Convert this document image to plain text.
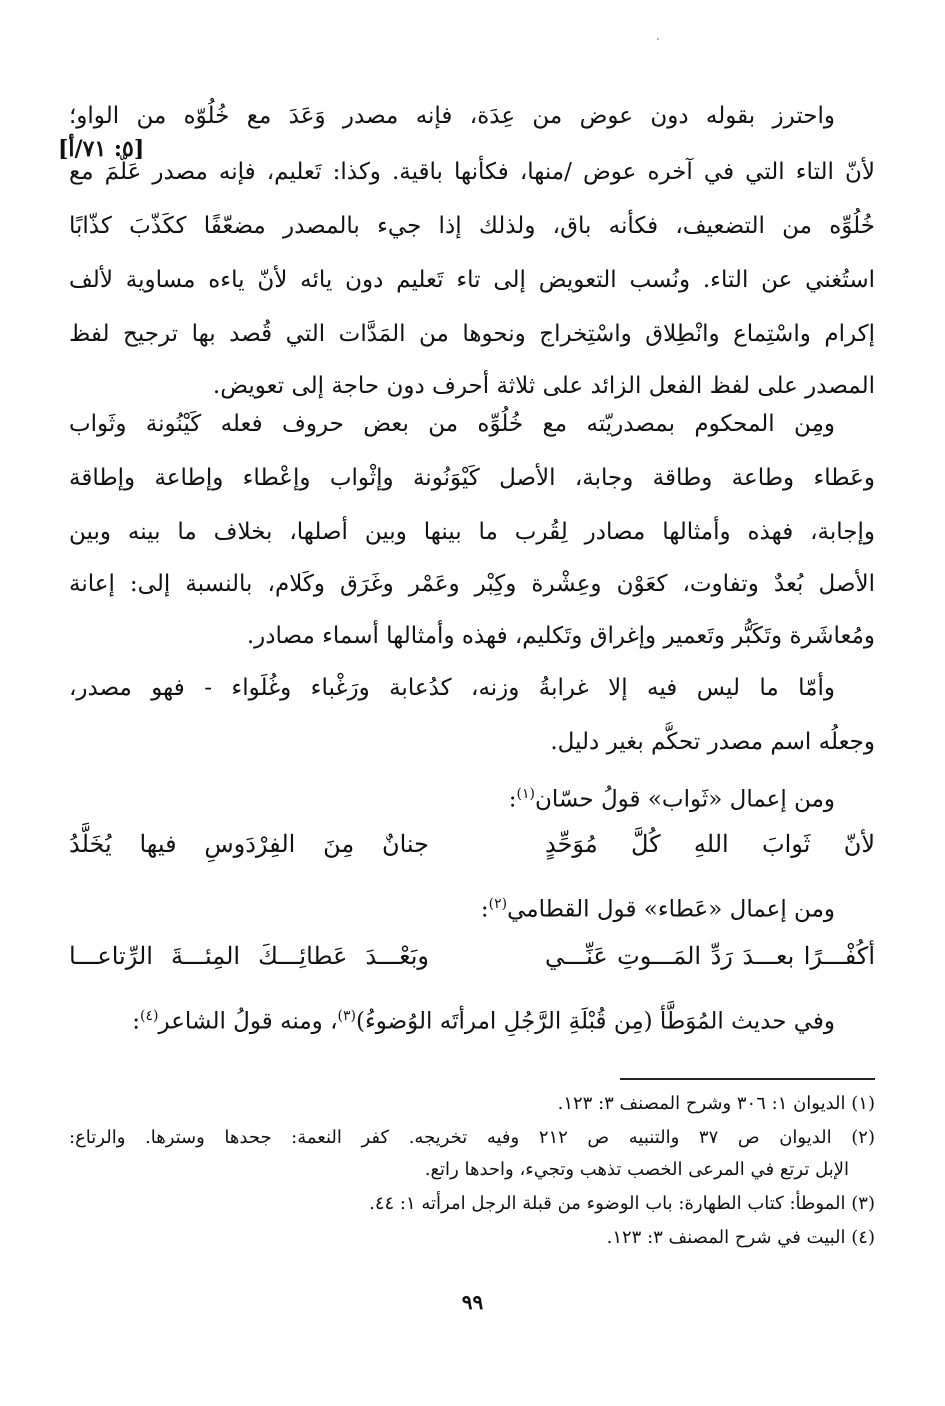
[٥: ٧١/أ]
واحترز بقوله دون عوض من عِدَة، فإنه مصدر وَعَدَ مع خُلُوّه من الواو؛
لأنّ التاء التي في آخره عوض /منها، فكأنها باقية. وكذا: تَعليم، فإنه مصدر عَلّمَ مع
خُلُوِّه من التضعيف، فكأنه باق، ولذلك إذا جيء بالمصدر مضعّفًا ككَذّبَ كذّابًا
استُغني عن التاء. ونُسب التعويض إلى تاء تَعليم دون يائه لأنّ ياءه مساوية لألف
إكرام واسْتِماع وانْطِلاق واسْتِخراج ونحوها من المَدَّات التي قُصد بها ترجيح لفظ
المصدر على لفظ الفعل الزائد على ثلاثة أحرف دون حاجة إلى تعويض.
ومِن المحكوم بمصدريّته مع خُلُوِّه من بعض حروف فعله كَيْنُونة وثَواب
وعَطاء وطاعة وطاقة وجابة، الأصل كَيْوَنُونة وإثْواب وإعْطاء وإطاعة وإطاقة
وإجابة، فهذه وأمثالها مصادر لِقُرب ما بينها وبين أصلها، بخلاف ما بينه وبين
الأصل بُعدٌ وتفاوت، كعَوْن وعِشْرة وكِبْر وعَمْر وغَرَق وكَلام، بالنسبة إلى: إعانة
ومُعاشَرة وتَكَبُّر وتَعمير وإغراق وتَكليم، فهذه وأمثالها أسماء مصادر.
وأمّا ما ليس فيه إلا غرابةُ وزنه، كدُعابة ورَغْباء وغُلَواء - فهو مصدر،
وجعلُه اسم مصدر تحكُّم بغير دليل.
ومن إعمال «ثَواب» قولُ حسّان$^{(١)}$:
لأنّ ثَوابَ اللهِ كُلَّ مُوَحِّدٍ
جنانٌ مِنَ الفِرْدَوسِ فيها يُخَلَّدُ
ومن إعمال «عَطاء» قول القطامي$^{(٢)}$:
أكُفْـــرًا بعـــدَ رَدِّ المَـــوتِ عَنِّـــي
وبَعْـــدَ عَطائِـــكَ المِئـــةَ الرِّتاعـــا
وفي حديث المُوَطَّأ (مِن قُبْلَةِ الرَّجُلِ امرأتَه الوُضوءُ)$^{(٣)}$، ومنه قولُ الشاعر$^{(٤)}$:
(١) الديوان ١: ٣٠٦ وشرح المصنف ٣: ١٢٣.
(٢) الديوان ص ٣٧ والتنبيه ص ٢١٢ وفيه تخريجه. كفر النعمة: جحدها وسترها. والرتاع:
الإبل ترتع في المرعى الخصب تذهب وتجيء، واحدها راتع.
(٣) الموطأ: كتاب الطهارة: باب الوضوء من قبلة الرجل امرأته ١: ٤٤.
(٤) البيت في شرح المصنف ٣: ١٢٣.
٩٩
